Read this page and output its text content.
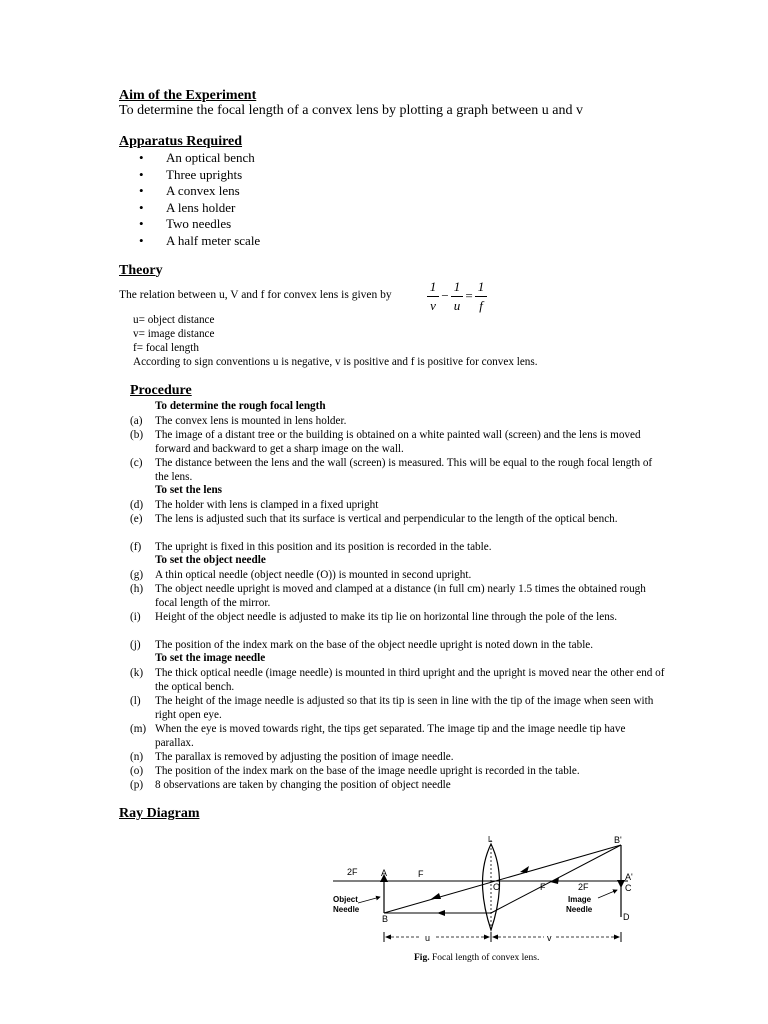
Aim of the Experiment
To determine the focal length of a convex lens by plotting a graph between u and v
Apparatus Required
• An optical bench
• Three uprights
• A convex lens
• A lens holder
• Two needles
• A half meter scale
Theory
The relation between u, V and f for convex lens is given by
1
v
−
1
u
=
1
f
u= object distance
v= image distance
f= focal length
According to sign conventions u is negative, v is positive and f is positive for convex lens.
Procedure
To determine the rough focal length
(a) The convex lens is mounted in lens holder.
(b) The image of a distant tree or the building is obtained on a white painted wall (screen) and the lens is moved forward and backward to get a sharp image on the wall.
(c) The distance between the lens and the wall (screen) is measured. This will be equal to the rough focal length of the lens.
To set the lens
(d) The holder with lens is clamped in a fixed upright
(e) The lens is adjusted such that its surface is vertical and perpendicular to the length of the optical bench.
(f) The upright is fixed in this position and its position is recorded in the table.
To set the object needle
(g) A thin optical needle (object needle (O)) is mounted in second upright.
(h) The object needle upright is moved and clamped at a distance (in full cm) nearly 1.5 times the obtained rough focal length of the mirror.
(i) Height of the object needle is adjusted to make its tip lie on horizontal line through the pole of the lens.
(j) The position of the index mark on the base of the object needle upright is noted down in the table.
To set the image needle
(k) The thick optical needle (image needle) is mounted in third upright and the upright is moved near the other end of the optical bench.
(l) The height of the image needle is adjusted so that its tip is seen in line with the tip of the image when seen with right open eye.
(m) When the eye is moved towards right, the tips get separated. The image tip and the image needle tip have parallax.
(n) The parallax is removed by adjusting the position of image needle.
(o) The position of the index mark on the base of the image needle upright is recorded in the table.
(p) 8 observations are taken by changing the position of object needle
Ray Diagram
2F	A	F
L
O	F	2F
B'
A'
C
D
B
Object
Needle
Image
Needle
u	v
Fig. Focal length of convex lens.
